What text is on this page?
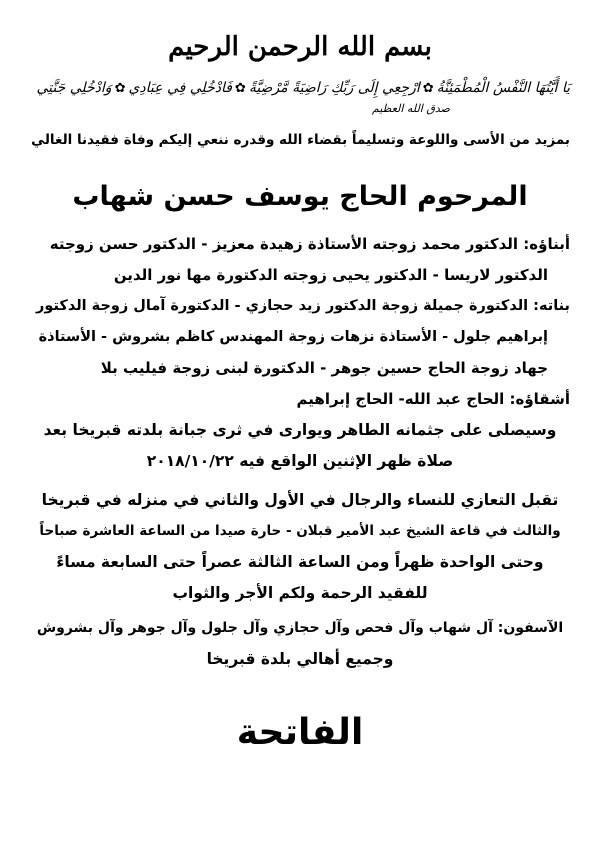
بسم الله الرحمن الرحيم
يَا أَيَّتُهَا النَّفْسُ الْمُطْمَئِنَّةُ✿ارْجِعِي إِلَى رَبِّكِ رَاضِيَةً مَّرْضِيَّةً✿فَادْخُلِي فِي عِبَادِي✿وَادْخُلِي جَنَّتِي
صدق الله العظيم
بمزيد من الأسى واللوعة وتسليماً بقضاء الله وقدره ننعي إليكم وفاة فقيدنا الغالي
المرحوم الحاج يوسف حسن شهاب
أبناؤه: الدكتور محمد زوجته الأستاذة زهيدة معزيز - الدكتور حسن زوجته
الدكتور لاريسا - الدكتور يحيى زوجته الدكتورة مها نور الدين
بناته: الدكتورة جميلة زوجة الدكتور زيد حجازي - الدكتورة آمال زوجة الدكتور
إبراهيم جلول - الأستاذة نزهات زوجة المهندس كاظم بشروش - الأستاذة
جهاد زوجة الحاج حسين جوهر - الدكتورة لبنى زوجة فيليب بلا
أشقاؤه: الحاج عبد الله- الحاج إبراهيم
وسيصلى على جثمانه الطاهر ويوارى في ثرى جبانة بلدته قبريخا بعد
صلاة ظهر الإثنين الواقع فيه ٢٠١٨/١٠/٢٢
تقبل التعازي للنساء والرجال في الأول والثاني في منزله في قبريخا
والثالث في قاعة الشيخ عبد الأمير قبلان - حارة صيدا من الساعة العاشرة صباحاً
وحتى الواحدة ظهراً ومن الساعة الثالثة عصراً حتى السابعة مساءً
للفقيد الرحمة ولكم الأجر والثواب
الآسفون: آل شهاب وآل فحص وآل حجازي وآل جلول وآل جوهر وآل بشروش
وجميع أهالي بلدة قبريخا
الفاتحة
